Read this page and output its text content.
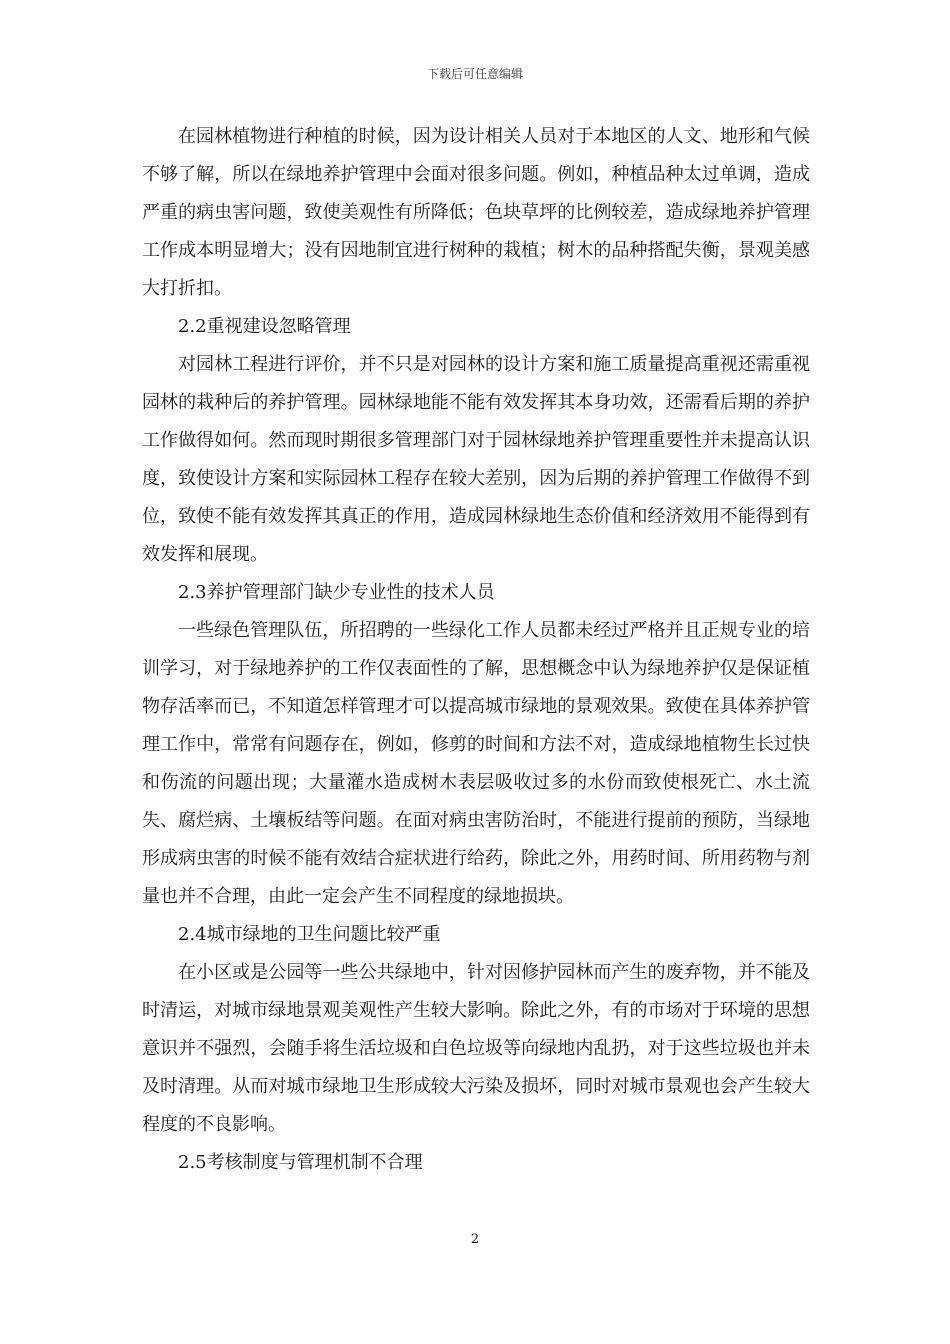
下载后可任意编辑

在园林植物进行种植的时候，因为设计相关人员对于本地区的人文、地形和气候不够了解，所以在绿地养护管理中会面对很多问题。例如，种植品种太过单调，造成严重的病虫害问题，致使美观性有所降低；色块草坪的比例较差，造成绿地养护管理工作成本明显增大；没有因地制宜进行树种的栽植；树木的品种搭配失衡，景观美感大打折扣。

2.2重视建设忽略管理

对园林工程进行评价，并不只是对园林的设计方案和施工质量提高重视还需重视园林的栽种后的养护管理。园林绿地能不能有效发挥其本身功效，还需看后期的养护工作做得如何。然而现时期很多管理部门对于园林绿地养护管理重要性并未提高认识度，致使设计方案和实际园林工程存在较大差别，因为后期的养护管理工作做得不到位，致使不能有效发挥其真正的作用，造成园林绿地生态价值和经济效用不能得到有效发挥和展现。

2.3养护管理部门缺少专业性的技术人员

一些绿色管理队伍，所招聘的一些绿化工作人员都未经过严格并且正规专业的培训学习，对于绿地养护的工作仅表面性的了解，思想概念中认为绿地养护仅是保证植物存活率而已，不知道怎样管理才可以提高城市绿地的景观效果。致使在具体养护管理工作中，常常有问题存在，例如，修剪的时间和方法不对，造成绿地植物生长过快和伤流的问题出现；大量灌水造成树木表层吸收过多的水份而致使根死亡、水土流失、腐烂病、土壤板结等问题。在面对病虫害防治时，不能进行提前的预防，当绿地形成病虫害的时候不能有效结合症状进行给药，除此之外，用药时间、所用药物与剂量也并不合理，由此一定会产生不同程度的绿地损块。

2.4城市绿地的卫生问题比较严重

在小区或是公园等一些公共绿地中，针对因修护园林而产生的废弃物，并不能及时清运，对城市绿地景观美观性产生较大影响。除此之外，有的市场对于环境的思想意识并不强烈，会随手将生活垃圾和白色垃圾等向绿地内乱扔，对于这些垃圾也并未及时清理。从而对城市绿地卫生形成较大污染及损坏，同时对城市景观也会产生较大程度的不良影响。

2.5考核制度与管理机制不合理

2
